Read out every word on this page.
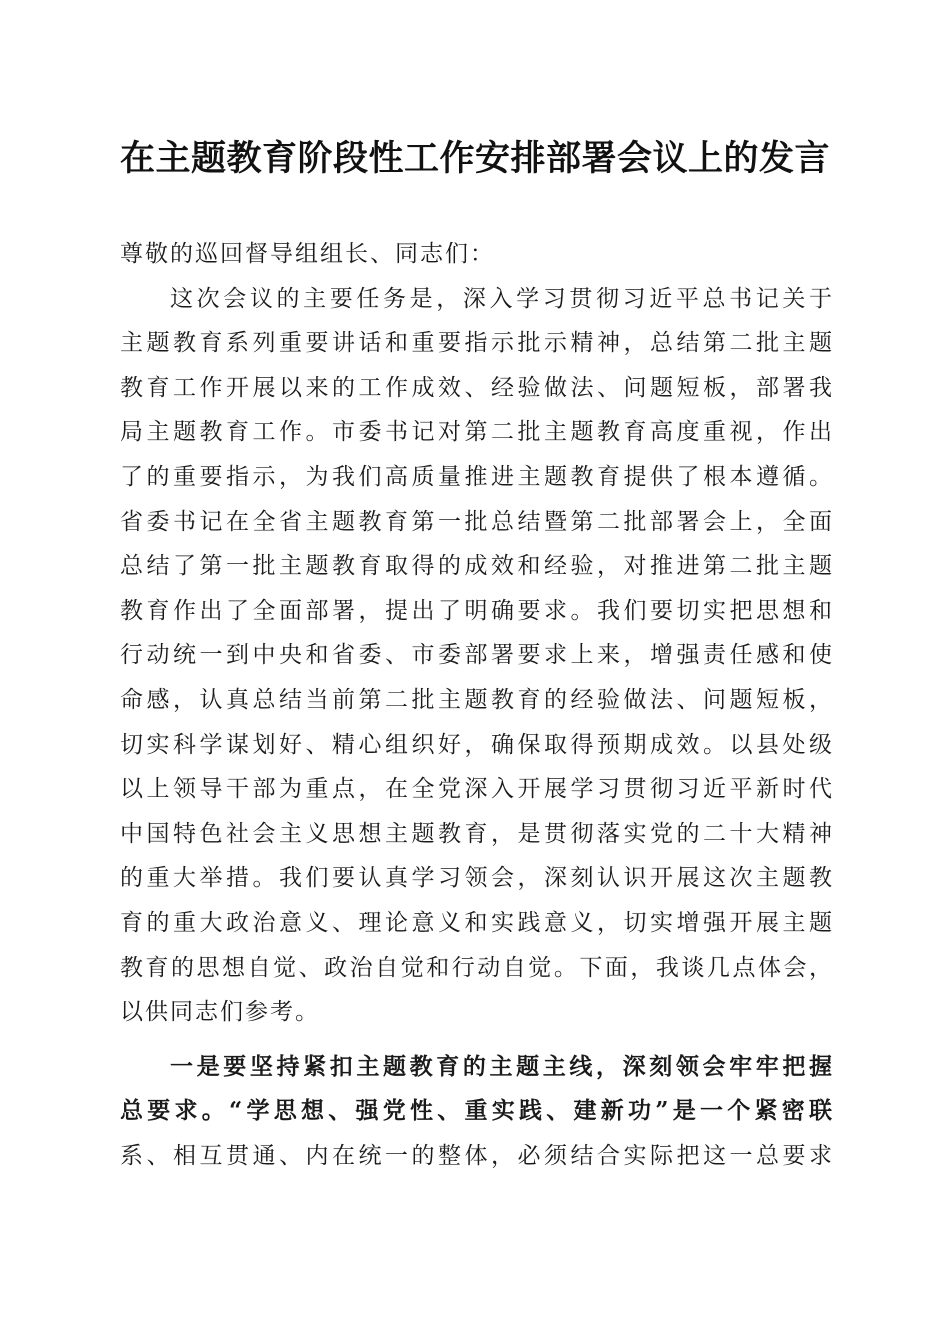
在主题教育阶段性工作安排部署会议上的发言

尊敬的巡回督导组组长、同志们：

这次会议的主要任务是，深入学习贯彻习近平总书记关于

主题教育系列重要讲话和重要指示批示精神，总结第二批主题

教育工作开展以来的工作成效、经验做法、问题短板，部署我

局主题教育工作。市委书记对第二批主题教育高度重视，作出

了的重要指示，为我们高质量推进主题教育提供了根本遵循。

省委书记在全省主题教育第一批总结暨第二批部署会上，全面

总结了第一批主题教育取得的成效和经验，对推进第二批主题

教育作出了全面部署，提出了明确要求。我们要切实把思想和

行动统一到中央和省委、市委部署要求上来，增强责任感和使

命感，认真总结当前第二批主题教育的经验做法、问题短板，

切实科学谋划好、精心组织好，确保取得预期成效。以县处级

以上领导干部为重点，在全党深入开展学习贯彻习近平新时代

中国特色社会主义思想主题教育，是贯彻落实党的二十大精神

的重大举措。我们要认真学习领会，深刻认识开展这次主题教

育的重大政治意义、理论意义和实践意义，切实增强开展主题

教育的思想自觉、政治自觉和行动自觉。下面，我谈几点体会，

以供同志们参考。

一是要坚持紧扣主题教育的主题主线，深刻领会牢牢把握

总要求。“学思想、强党性、重实践、建新功”是一个紧密联

系、相互贯通、内在统一的整体，必须结合实际把这一总要求
